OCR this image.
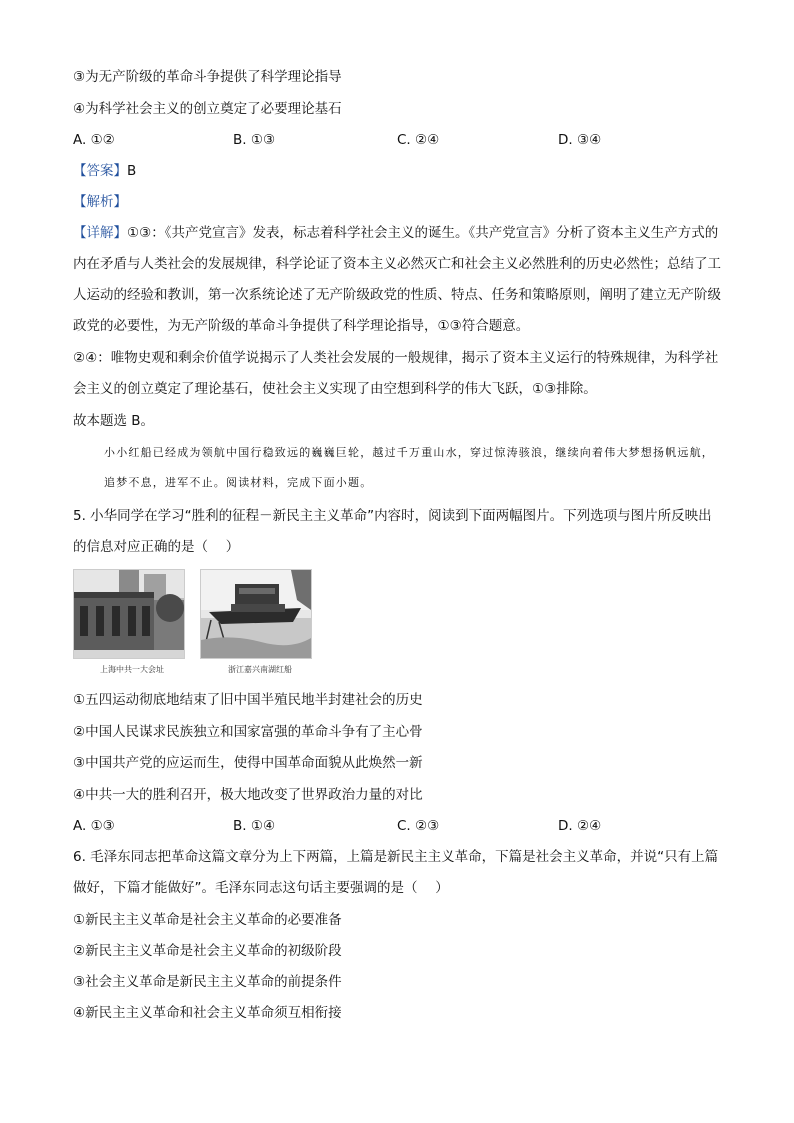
③为无产阶级的革命斗争提供了科学理论指导
④为科学社会主义的创立奠定了必要理论基石
A. ①②	B. ①③	C. ②④	D. ③④
【答案】B
【解析】
【详解】①③：《共产党宣言》发表，标志着科学社会主义的诞生。《共产党宣言》分析了资本主义生产方式的内在矛盾与人类社会的发展规律，科学论证了资本主义必然灭亡和社会主义必然胜利的历史必然性；总结了工人运动的经验和教训，第一次系统论述了无产阶级政党的性质、特点、任务和策略原则，阐明了建立无产阶级政党的必要性，为无产阶级的革命斗争提供了科学理论指导，①③符合题意。
②④：唯物史观和剩余价值学说揭示了人类社会发展的一般规律，揭示了资本主义运行的特殊规律，为科学社会主义的创立奠定了理论基石，使社会主义实现了由空想到科学的伟大飞跃，①③排除。
故本题选 B。
小小红船已经成为领航中国行稳致远的巍巍巨轮，越过千万重山水，穿过惊涛骇浪，继续向着伟大梦想扬帆远航，追梦不息，进军不止。阅读材料，完成下面小题。
5. 小华同学在学习“胜利的征程－新民主主义革命”内容时，阅读到下面两幅图片。下列选项与图片所反映出的信息对应正确的是（　 ）
上海中共一大会址	浙江嘉兴南湖红船
①五四运动彻底地结束了旧中国半殖民地半封建社会的历史
②中国人民谋求民族独立和国家富强的革命斗争有了主心骨
③中国共产党的应运而生，使得中国革命面貌从此焕然一新
④中共一大的胜利召开，极大地改变了世界政治力量的对比
A. ①③	B. ①④	C. ②③	D. ②④
6. 毛泽东同志把革命这篇文章分为上下两篇，上篇是新民主主义革命，下篇是社会主义革命，并说“只有上篇做好，下篇才能做好”。毛泽东同志这句话主要强调的是（　 ）
①新民主主义革命是社会主义革命的必要准备
②新民主主义革命是社会主义革命的初级阶段
③社会主义革命是新民主主义革命的前提条件
④新民主主义革命和社会主义革命须互相衔接
